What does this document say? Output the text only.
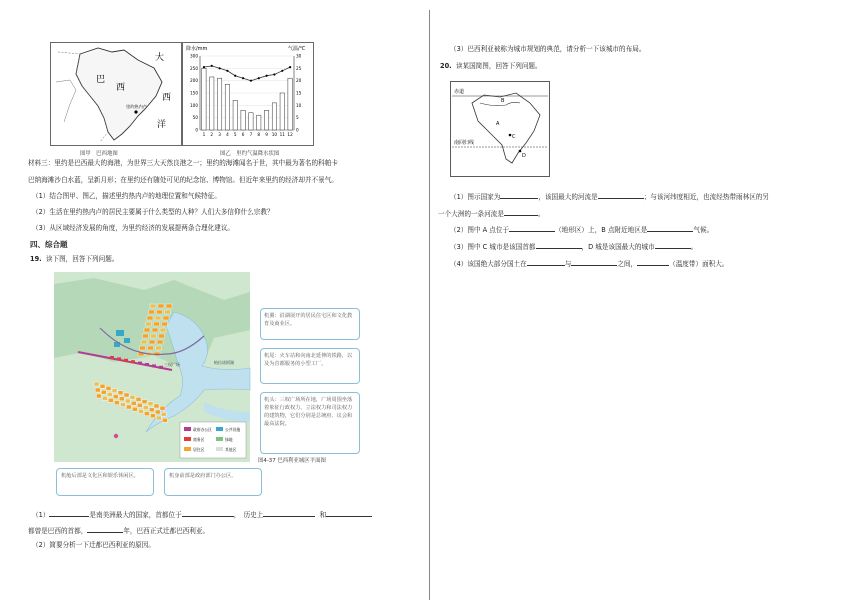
大
西
洋
巴
西
里约热内卢
图甲　巴西地图
降水/mm	气温/℃
300	30
250	25
200	20
150	15
100	10
50	5
0	0
1 2 3 4 5 6 7 8 9 10 11 12
图乙　里约气温降水状图
材料三：里约是巴西最大的海港，为世界三大天然良港之一；里约的海滩闻名于世，其中最为著名的科帕卡
巴纳海滩沙白水蓝，呈新月形；在里约还有随处可见的纪念馆、博物馆。但近年来里约的经济却并不景气。
（1）结合图甲、图乙，描述里约热内卢的地理位置和气候特征。
（2）生活在里约热内卢的居民主要属于什么类型的人种？人们大多信仰什么宗教？
（3）从区域经济发展的角度，为里约经济的发展提两条合理化建议。
四、综合题
19. 读下图，回答下列问题。
三权广场	帕拉诺阿湖
政府办公区	公共设施
商务区	绿地
居住区	其他区
机翼：沿湖展开的居民住宅区和文化教育及商业区。
机尾：火车站和向南北延伸的铁路，以及为首都服务的小型工厂。
机头：三权广场所在地，广场周围坐落着象征行政权力、立法权力和司法权力的建筑物，它们分别是总统府、议会和最高法院。
图4-37 巴西利亚城区平面图
机舱后部是文化区和娱乐休闲区。	机身前部是政府部门办公区。
（1）	是南美洲最大的国家，首都位于	，　历史上	和
都曾是巴西的首都，	年，巴西正式迁都巴西利亚。
（2）简要分析一下迁都巴西利亚的原因。
（3）巴西利亚被称为城市规划的典范，请分析一下该城市的布局。
20. 读某国简图，回答下列问题。
赤道
南回归线
B
A
C
D
（1）图示国家为	，该国最大的河流是	；与该河纬度相近，也流经热带雨林区的另
一个大洲的一条河流是	。
（2）图中 A 点位于	（地形区）上，B 点附近地区是	气候。
（3）图中 C 城市是该国首都	，D 城是该国最大的城市	。
（4）该国绝大部分国土在	与	之间，	（温度带）面积大。
